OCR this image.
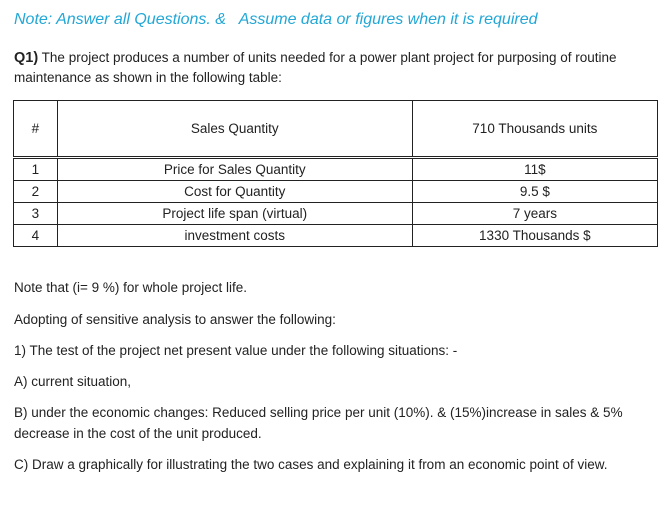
Note: Answer all Questions. &   Assume data or figures when it is required
Q1) The project produces a number of units needed for a power plant project for purposing of routine maintenance as shown in the following table:
#	Sales Quantity	710 Thousands units
1	Price for Sales Quantity	11$
2	Cost for Quantity	9.5 $
3	Project life span (virtual)	7 years
4	investment costs	1330 Thousands $
Note that (i= 9 %) for whole project life.
Adopting of sensitive analysis to answer the following:
1) The test of the project net present value under the following situations: -
A) current situation,
B) under the economic changes: Reduced selling price per unit (10%). & (15%)increase in sales & 5% decrease in the cost of the unit produced.
C) Draw a graphically for illustrating the two cases and explaining it from an economic point of view.
